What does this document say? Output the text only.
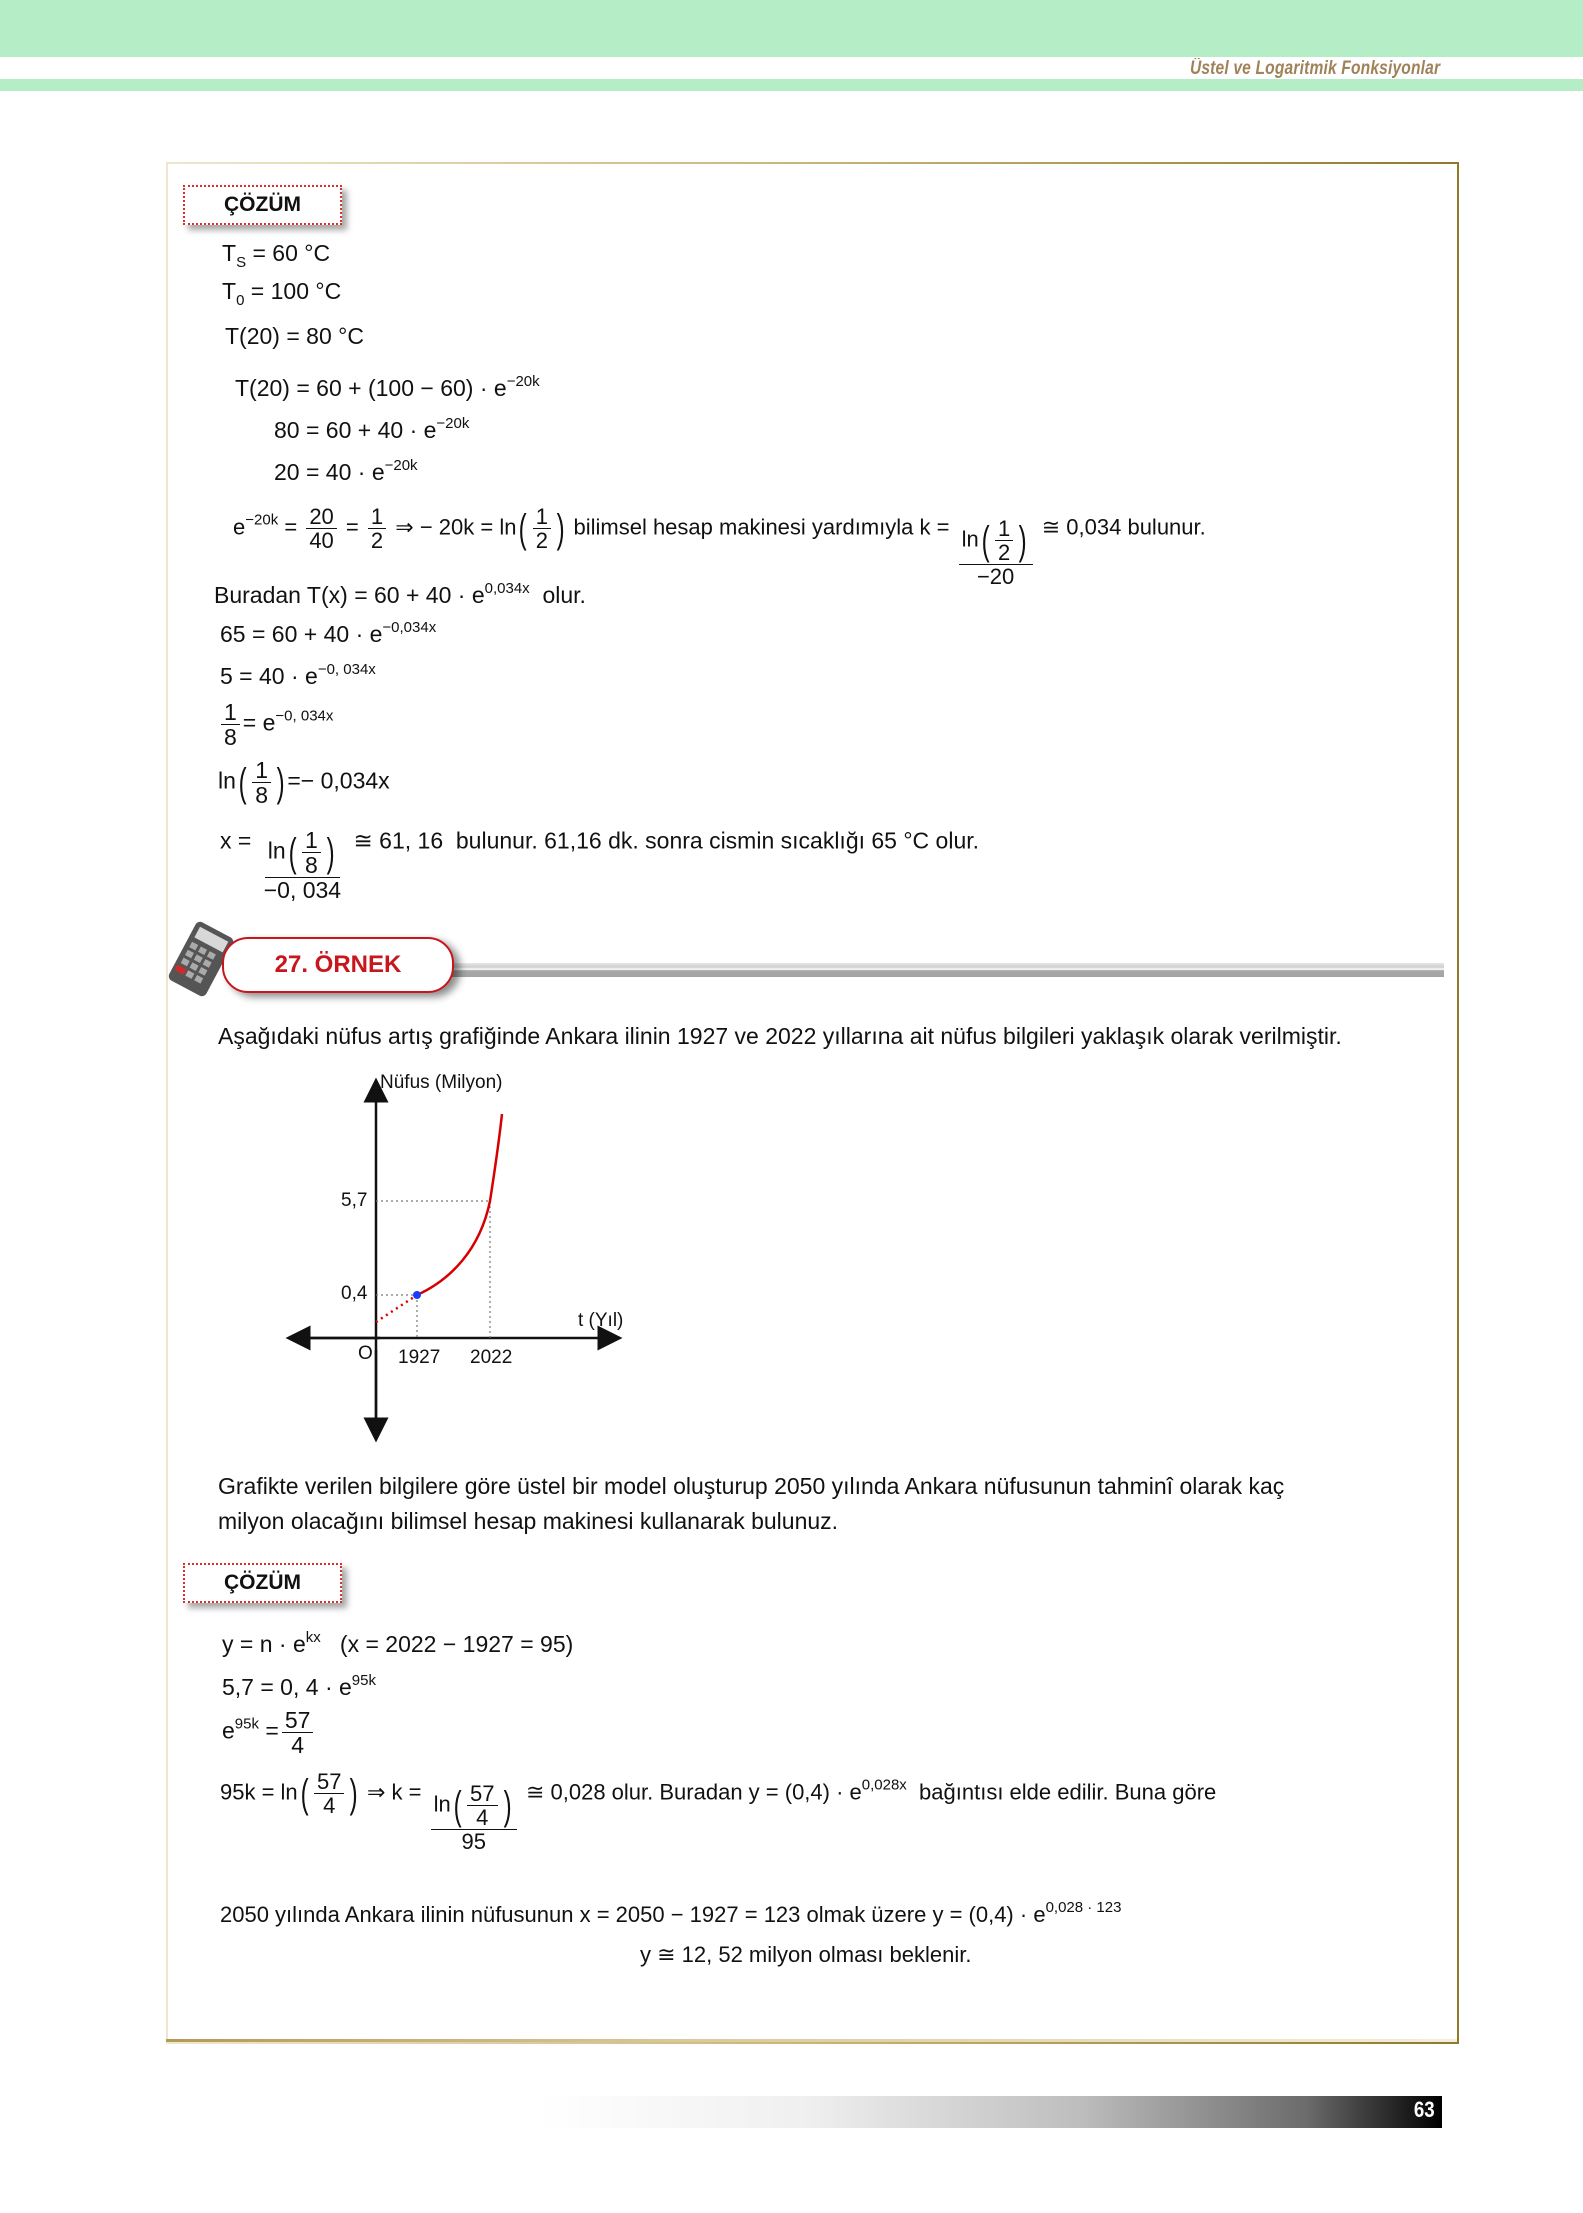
Üstel ve Logaritmik Fonksiyonlar
ÇÖZÜM
$T_S = 60$ °C
$T_0 = 100$ °C
T(20) = 80 °C
$T(20) = 60 + (100 - 60) \cdot e^{-20k}$
$80 = 60 + 40 \cdot e^{-20k}$
$20 = 40 \cdot e^{-20k}$
$e^{-20k} = \frac{20}{40} = \frac{1}{2}$ ⇒ − $20k = \ln( \frac{1}{2}$ ) bilimsel hesap makinesi yardımıyla $k = \frac{\ln( \frac{1}{2} )}{-20}$ ≅ 0,034 bulunur.
Buradan $T(x) = 60 + 40 \cdot e^{0,034x}$ olur.
$65 = 60 + 40 \cdot e^{-0,034x}$
$5 = 40 \cdot e^{-0, 034x}$
$\frac{1}{8} = e^{-0, 034x}$
$\ln( \frac{1}{8}$ ) =− 0,034x
$x = \frac{\ln( \frac{1}{8} )}{-0, 034}$ ≅ 61, 16 bulunur. 61,16 dk. sonra cismin sıcaklığı 65 °C olur.
27. ÖRNEK
Aşağıdaki nüfus artış grafiğinde Ankara ilinin 1927 ve 2022 yıllarına ait nüfus bilgileri yaklaşık olarak verilmiştir.
Nüfus (Milyon)
5,7
0,4
t (Yıl)
O 1927 2022
Grafikte verilen bilgilere göre üstel bir model oluşturup 2050 yılında Ankara nüfusunun tahminî olarak kaç
milyon olacağını bilimsel hesap makinesi kullanarak bulunuz.
ÇÖZÜM
$y = n \cdot e^{kx}$ (x = 2022 − 1927 = 95)
5,7 = 0, $4 \cdot e^{95k}$
$e^{95k} = \frac{57}{4}$
$95k = \ln( \frac{57}{4}$ ) ⇒ $k = \frac{\ln( \frac{57}{4} )}{95}$ ≅ 0,028 olur. Buradan $y = (0,4) \cdot e^{0,028x}$ bağıntısı elde edilir. Buna göre
2050 yılında Ankara ilinin nüfusunun x = 2050 − 1927 = 123 olmak üzere $y = (0,4) \cdot e^{0,028 \cdot 123}$
y ≅ 12, 52 milyon olması beklenir.
63
